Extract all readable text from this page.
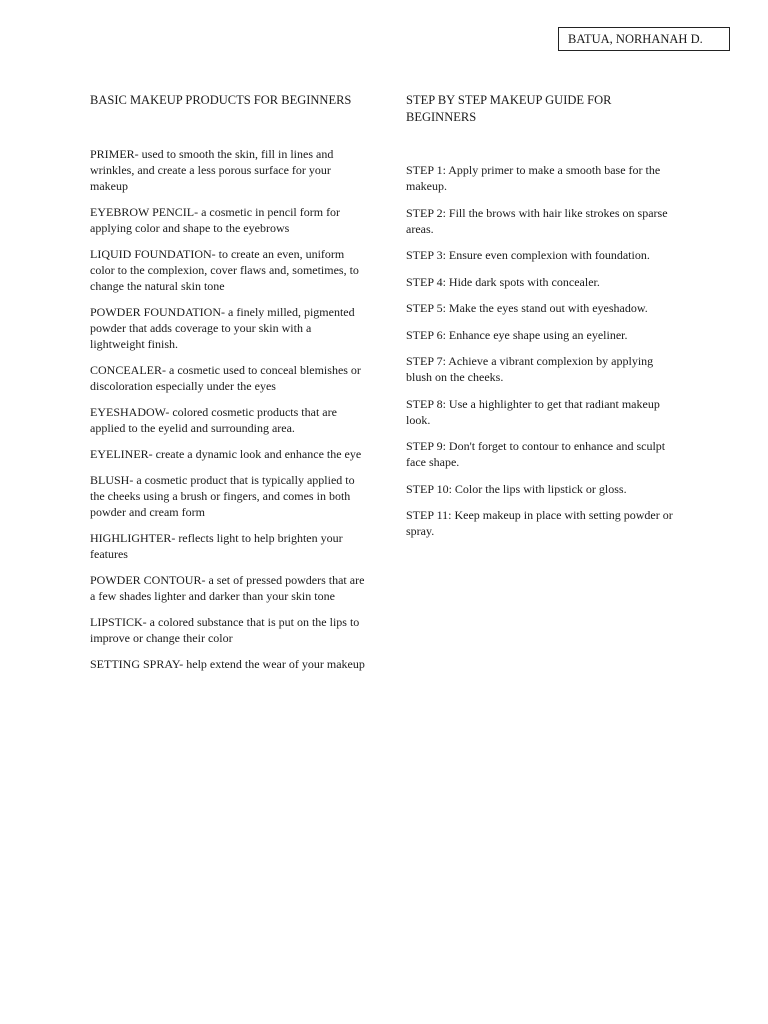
BATUA, NORHANAH D.
BASIC MAKEUP PRODUCTS FOR BEGINNERS

PRIMER- used to smooth the skin, fill in lines and wrinkles, and create a less porous surface for your makeup

EYEBROW PENCIL- a cosmetic in pencil form for applying color and shape to the eyebrows

LIQUID FOUNDATION- to create an even, uniform color to the complexion, cover flaws and, sometimes, to change the natural skin tone

POWDER FOUNDATION- a finely milled, pigmented powder that adds coverage to your skin with a lightweight finish.

CONCEALER- a cosmetic used to conceal blemishes or discoloration especially under the eyes

EYESHADOW- colored cosmetic products that are applied to the eyelid and surrounding area.

EYELINER- create a dynamic look and enhance the eye

BLUSH- a cosmetic product that is typically applied to the cheeks using a brush or fingers, and comes in both powder and cream form

HIGHLIGHTER- reflects light to help brighten your features

POWDER CONTOUR- a set of pressed powders that are a few shades lighter and darker than your skin tone

LIPSTICK- a colored substance that is put on the lips to improve or change their color

SETTING SPRAY- help extend the wear of your makeup

STEP BY STEP MAKEUP GUIDE FOR BEGINNERS

STEP 1: Apply primer to make a smooth base for the makeup.

STEP 2: Fill the brows with hair like strokes on sparse areas.

STEP 3: Ensure even complexion with foundation.

STEP 4: Hide dark spots with concealer.

STEP 5: Make the eyes stand out with eyeshadow.

STEP 6: Enhance eye shape using an eyeliner.

STEP 7: Achieve a vibrant complexion by applying blush on the cheeks.

STEP 8: Use a highlighter to get that radiant makeup look.

STEP 9: Don't forget to contour to enhance and sculpt face shape.

STEP 10: Color the lips with lipstick or gloss.

STEP 11: Keep makeup in place with setting powder or spray.
